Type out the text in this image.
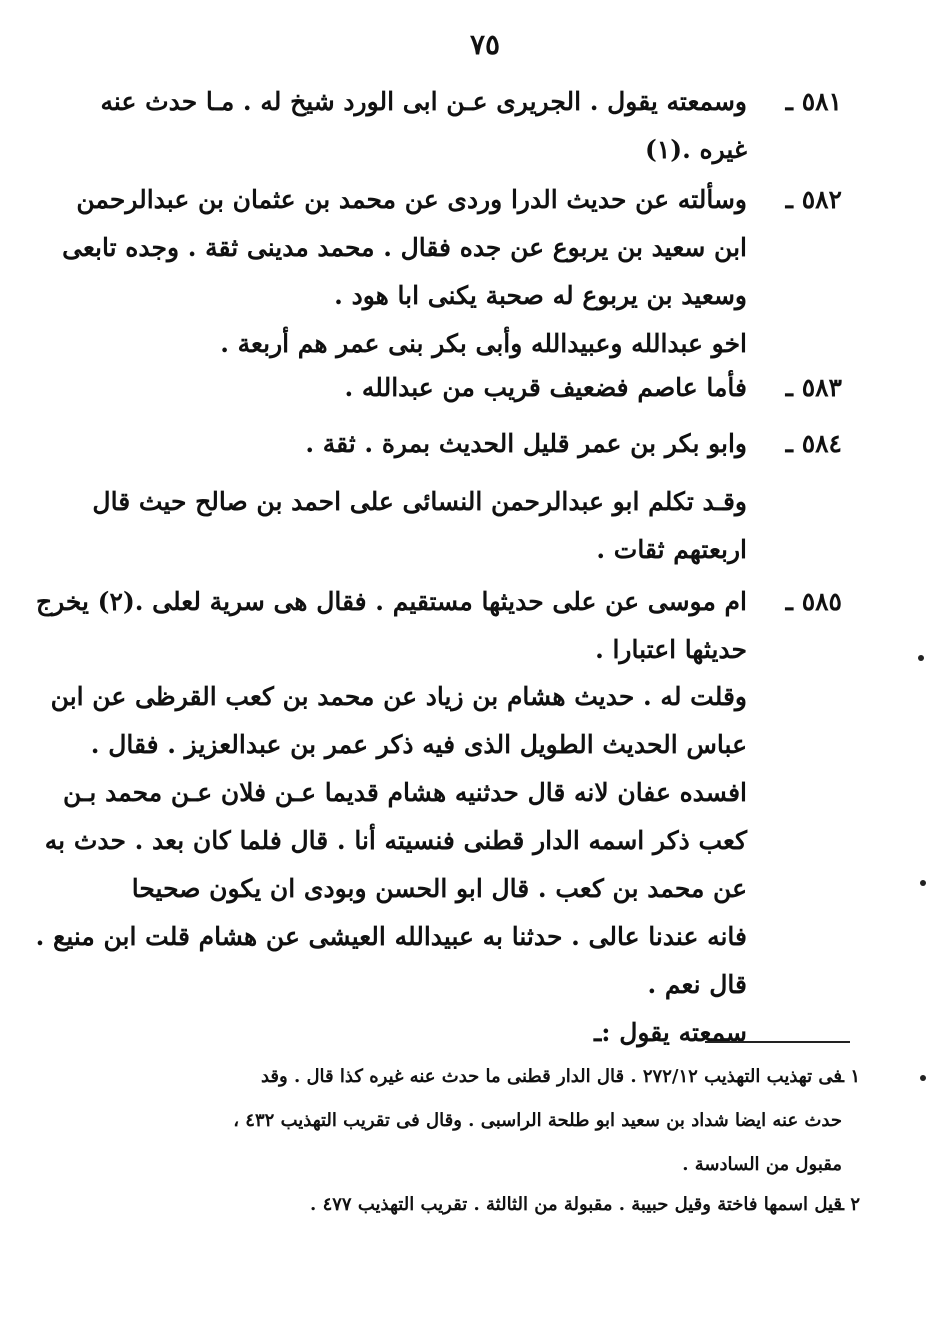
٧٥
٥٨١ ـ
وسمعته يقول . الجريرى عـن ابى الورد شيخ له . مـا حدث عنه
غيره .(١)
٥٨٢ ـ
وسألته عن حديث الدرا وردى عن محمد بن عثمان بن عبدالرحمن
ابن سعيد بن يربوع عن جده فقال . محمد مدينى ثقة . وجده تابعى
وسعيد بن يربوع له صحبة يكنى ابا هود .
اخو عبدالله وعبيدالله وأبى بكر بنى عمر هم أربعة .
٥٨٣ ـ
فأما عاصم فضعيف قريب من عبدالله .
٥٨٤ ـ
وابو بكر بن عمر قليل الحديث بمرة . ثقة .
وقـد تكلم ابو عبدالرحمن النسائى على احمد بن صالح حيث قال
اربعتهم ثقات .
٥٨٥ ـ
ام موسى عن على حديثها مستقيم . فقال هى سرية لعلى .(٢) يخرج
حديثها اعتبارا .
وقلت له . حديث هشام بن زياد عن محمد بن كعب القرظى عن ابن
عباس الحديث الطويل الذى فيه ذكر عمر بن عبدالعزيز . فقال .
افسده عفان لانه قال حدثنيه هشام قديما عـن فلان عـن محمد بـن
كعب ذكر اسمه الدار قطنى فنسيته أنا . قال فلما كان بعد . حدث به
عن محمد بن كعب . قال ابو الحسن وبودى ان يكون صحيحا
فانه عندنا عالى . حدثنا به عبيدالله العيشى عن هشام قلت ابن منيع .
قال نعم .
سمعته يقول :ـ
١ ـ
فى تهذيب التهذيب ٢٧٢/١٢ . قال الدار قطنى ما حدث عنه غيره كذا قال . وقد
حدث عنه ايضا شداد بن سعيد ابو طلحة الراسبى . وقال فى تقريب التهذيب ٤٣٢ ،
مقبول من السادسة .
٢ ـ
قيل اسمها فاختة وقيل حبيبة . مقبولة من الثالثة . تقريب التهذيب ٤٧٧ .
